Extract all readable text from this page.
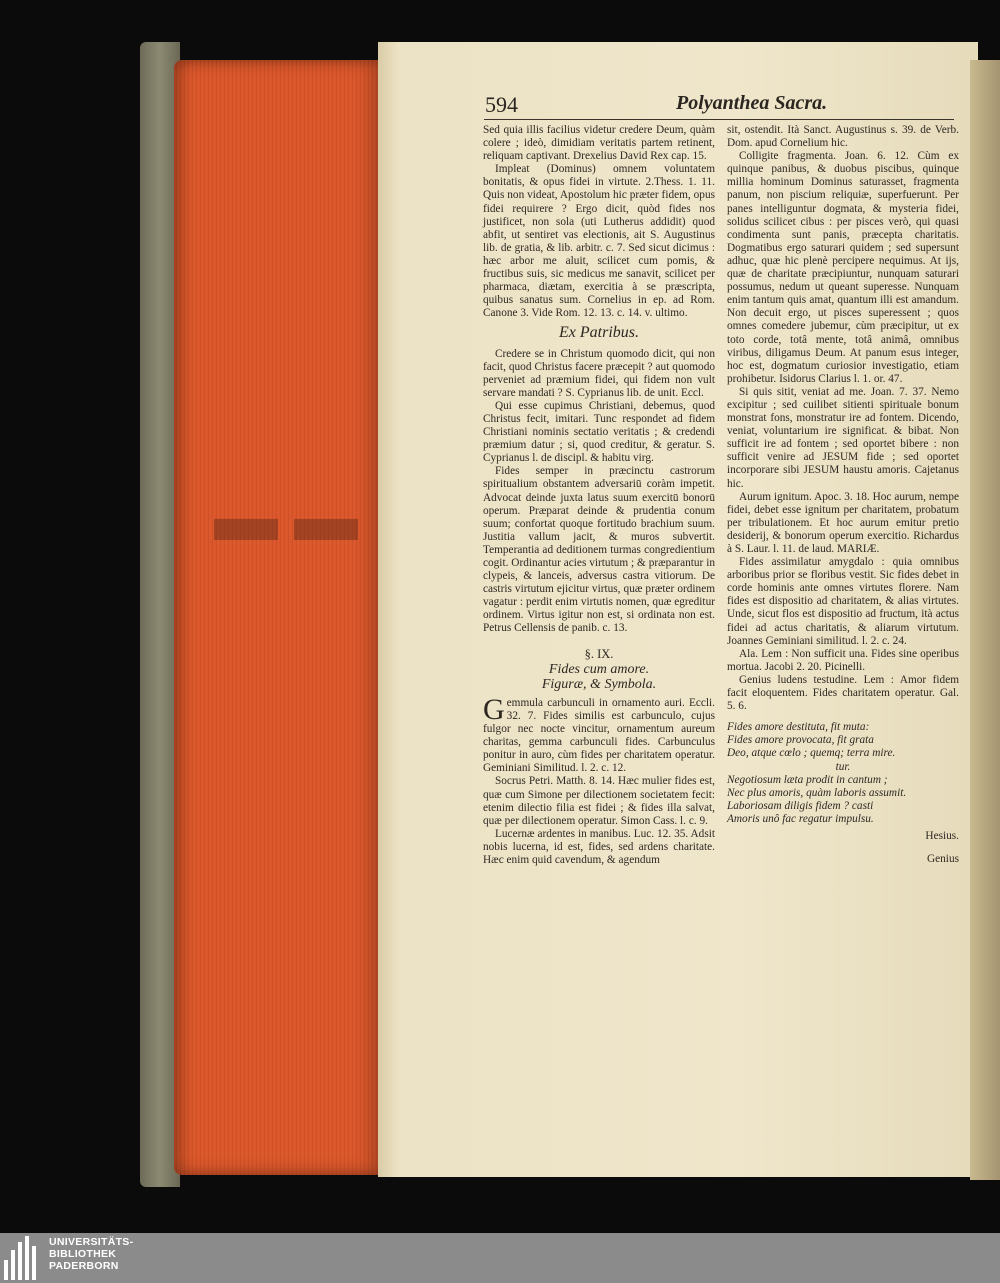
▬ ▬
594	Polyanthea Sacra.

Sed quia illis facilius videtur credere Deum, quàm colere ; ideò, dimidiam veritatis partem retinent, reliquam captivant. Drexelius David Rex cap. 15.

Impleat (Dominus) omnem voluntatem bonitatis, & opus fidei in virtute. 2.Thess. 1. 11. Quis non videat, Apostolum hic præter fidem, opus fidei requirere ? Ergo dicit, quòd fides nos justificet, non sola (uti Lutherus addidit) quod abfit, ut sentiret vas electionis, ait S. Augustinus lib. de gratia, & lib. arbitr. c. 7. Sed sicut dicimus : hæc arbor me aluit, scilicet cum pomis, & fructibus suis, sic medicus me sanavit, scilicet per pharmaca, diætam, exercitia à se præscripta, quibus sanatus sum. Cornelius in ep. ad Rom. Canone 3. Vide Rom. 12. 13. c. 14. v. ultimo.

Ex Patribus.

Credere se in Christum quomodo dicit, qui non facit, quod Christus facere præcepit ? aut quomodo perveniet ad præmium fidei, qui fidem non vult servare mandati ? S. Cyprianus lib. de unit. Eccl.

Qui esse cupimus Christiani, debemus, quod Christus fecit, imitari. Tunc respondet ad fidem Christiani nominis sectatio veritatis ; & credendi præmium datur ; si, quod creditur, & geratur. S. Cyprianus l. de discipl. & habitu virg.

Fides semper in præcinctu castrorum spiritualium obstantem adversariū coràm impetit. Advocat deinde juxta latus suum exercitū bonorū operum. Præparat deinde & prudentia conum suum; confortat quoque fortitudo brachium suum. Justitia vallum jacit, & muros subvertit. Temperantia ad deditionem turmas congredientium cogit. Ordinantur acies virtutum ; & præparantur in clypeis, & lanceis, adversus castra vitiorum. De castris virtutum ejicitur virtus, quæ præter ordinem vagatur : perdit enim virtutis nomen, quæ egreditur ordinem. Virtus igitur non est, si ordinata non est. Petrus Cellensis de panib. c. 13.

§. IX.
Fides cum amore.
Figuræ, & Symbola.

Gemmula carbunculi in ornamento auri. Eccli. 32. 7. Fides similis est carbunculo, cujus fulgor nec nocte vincitur, ornamentum aureum charitas, gemma carbunculi fides. Carbunculus ponitur in auro, cùm fides per charitatem operatur. Geminiani Similitud. l. 2. c. 12.

Socrus Petri. Matth. 8. 14. Hæc mulier fides est, quæ cum Simone per dilectionem societatem fecit: etenim dilectio filia est fidei ; & fides illa salvat, quæ per dilectionem operatur. Simon Cass. l. c. 9.

Lucernæ ardentes in manibus. Luc. 12. 35. Adsit nobis lucerna, id est, fides, sed ardens charitate. Hæc enim quid cavendum, & agendum

sit, ostendit. Ità Sanct. Augustinus s. 39. de Verb. Dom. apud Cornelium hic.

Colligite fragmenta. Joan. 6. 12. Cùm ex quinque panibus, & duobus piscibus, quinque millia hominum Dominus saturasset, fragmenta panum, non piscium reliquiæ, superfuerunt. Per panes intelliguntur dogmata, & mysteria fidei, solidus scilicet cibus : per pisces verò, qui quasi condimenta sunt panis, præcepta charitatis. Dogmatibus ergo saturari quidem ; sed supersunt adhuc, quæ hic plenè percipere nequimus. At ijs, quæ de charitate præcipiuntur, nunquam saturari possumus, nedum ut queant superesse. Nunquam enim tantum quis amat, quantum illi est amandum. Non decuit ergo, ut pisces superessent ; quos omnes comedere jubemur, cùm præcipitur, ut ex toto corde, totâ mente, totâ animâ, omnibus viribus, diligamus Deum. At panum esus integer, hoc est, dogmatum curiosior investigatio, etiam prohibetur. Isidorus Clarius l. 1. or. 47.

Si quis sitit, veniat ad me. Joan. 7. 37. Nemo excipitur ; sed cuilibet sitienti spirituale bonum monstrat fons, monstratur ire ad fontem. Dicendo, veniat, voluntarium ire significat. & bibat. Non sufficit ire ad fontem ; sed oportet bibere : non sufficit venire ad JESUM fide ; sed oportet incorporare sibi JESUM haustu amoris. Cajetanus hic.

Aurum ignitum. Apoc. 3. 18. Hoc aurum, nempe fidei, debet esse ignitum per charitatem, probatum per tribulationem. Et hoc aurum emitur pretio desiderij, & bonorum operum exercitio. Richardus à S. Laur. l. 11. de laud. MARIÆ.

Fides assimilatur amygdalo : quia omnibus arboribus prior se floribus vestit. Sic fides debet in corde hominis ante omnes virtutes florere. Nam fides est dispositio ad charitatem, & alias virtutes. Unde, sicut flos est dispositio ad fructum, ità actus fidei ad actus charitatis, & aliarum virtutum. Joannes Geminiani similitud. l. 2. c. 24.

Ala. Lem : Non sufficit una. Fides sine operibus mortua. Jacobi 2. 20. Picinelli.

Genius ludens testudine. Lem : Amor fidem facit eloquentem. Fides charitatem operatur. Gal. 5. 6.

Fides amore destituta, fit muta:
Fides amore provocata, fit grata
Deo, atque cœlo ; quemq; terra mire.
tur.
Negotiosum læta prodit in cantum ;
Nec plus amoris, quàm laboris assumit.
Laboriosam diligis fidem ? casti
Amoris unô fac regatur impulsu.
Hesius.
Genius
UNIVERSITÄTS-
BIBLIOTHEK
PADERBORN
